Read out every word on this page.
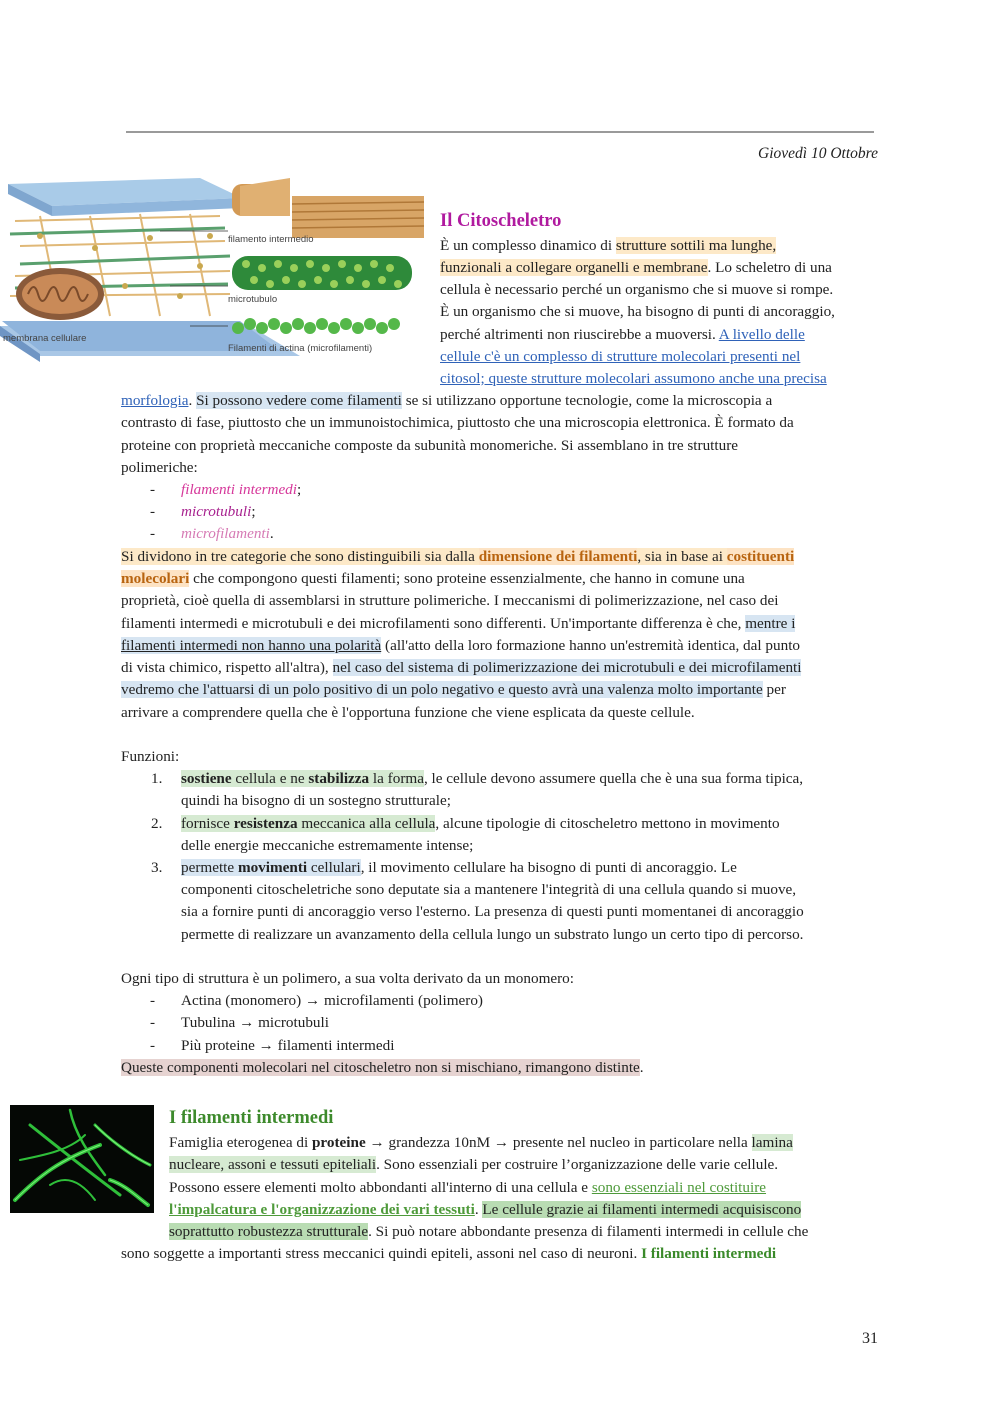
Giovedì 10 Ottobre
filamento intermedio
microtubulo
Filamenti di actina (microfilamenti)
membrana cellulare
Il Citoscheletro
È un complesso dinamico di strutture sottili ma lunghe,
funzionali a collegare organelli e membrane. Lo scheletro di una
cellula è necessario perché un organismo che si muove si rompe.
È un organismo che si muove, ha bisogno di punti di ancoraggio,
perché altrimenti non riuscirebbe a muoversi. A livello delle
cellule c'è un complesso di strutture molecolari presenti nel
citosol; queste strutture molecolari assumono anche una precisa
morfologia. Si possono vedere come filamenti se si utilizzano opportune tecnologie, come la microscopia a
contrasto di fase, piuttosto che un immunoistochimica, piuttosto che una microscopia elettronica. È formato da
proteine con proprietà meccaniche composte da subunità monomeriche. Si assemblano in tre strutture
polimeriche:
- filamenti intermedi;
- microtubuli;
- microfilamenti.
Si dividono in tre categorie che sono distinguibili sia dalla dimensione dei filamenti, sia in base ai costituenti
molecolari che compongono questi filamenti; sono proteine essenzialmente, che hanno in comune una
proprietà, cioè quella di assemblarsi in strutture polimeriche. I meccanismi di polimerizzazione, nel caso dei
filamenti intermedi e microtubuli e dei microfilamenti sono differenti. Un'importante differenza è che, mentre i
filamenti intermedi non hanno una polarità (all'atto della loro formazione hanno un'estremità identica, dal punto
di vista chimico, rispetto all'altra), nel caso del sistema di polimerizzazione dei microtubuli e dei microfilamenti
vedremo che l'attuarsi di un polo positivo di un polo negativo e questo avrà una valenza molto importante per
arrivare a comprendere quella che è l'opportuna funzione che viene esplicata da queste cellule.
Funzioni:
1. sostiene cellula e ne stabilizza la forma, le cellule devono assumere quella che è una sua forma tipica,
quindi ha bisogno di un sostegno strutturale;
2. fornisce resistenza meccanica alla cellula, alcune tipologie di citoscheletro mettono in movimento
delle energie meccaniche estremamente intense;
3. permette movimenti cellulari, il movimento cellulare ha bisogno di punti di ancoraggio. Le
componenti citoscheletriche sono deputate sia a mantenere l'integrità di una cellula quando si muove,
sia a fornire punti di ancoraggio verso l'esterno. La presenza di questi punti momentanei di ancoraggio
permette di realizzare un avanzamento della cellula lungo un substrato lungo un certo tipo di percorso.
Ogni tipo di struttura è un polimero, a sua volta derivato da un monomero:
- Actina (monomero) → microfilamenti (polimero)
- Tubulina → microtubuli
- Più proteine → filamenti intermedi
Queste componenti molecolari nel citoscheletro non si mischiano, rimangono distinte.
I filamenti intermedi
Famiglia eterogenea di proteine → grandezza 10nM → presente nel nucleo in particolare nella lamina
nucleare, assoni e tessuti epiteliali. Sono essenziali per costruire l’organizzazione delle varie cellule.
Possono essere elementi molto abbondanti all'interno di una cellula e sono essenziali nel costituire
l'impalcatura e l'organizzazione dei vari tessuti. Le cellule grazie ai filamenti intermedi acquisiscono
soprattutto robustezza strutturale. Si può notare abbondante presenza di filamenti intermedi in cellule che
sono soggette a importanti stress meccanici quindi epiteli, assoni nel caso di neuroni. I filamenti intermedi
31
